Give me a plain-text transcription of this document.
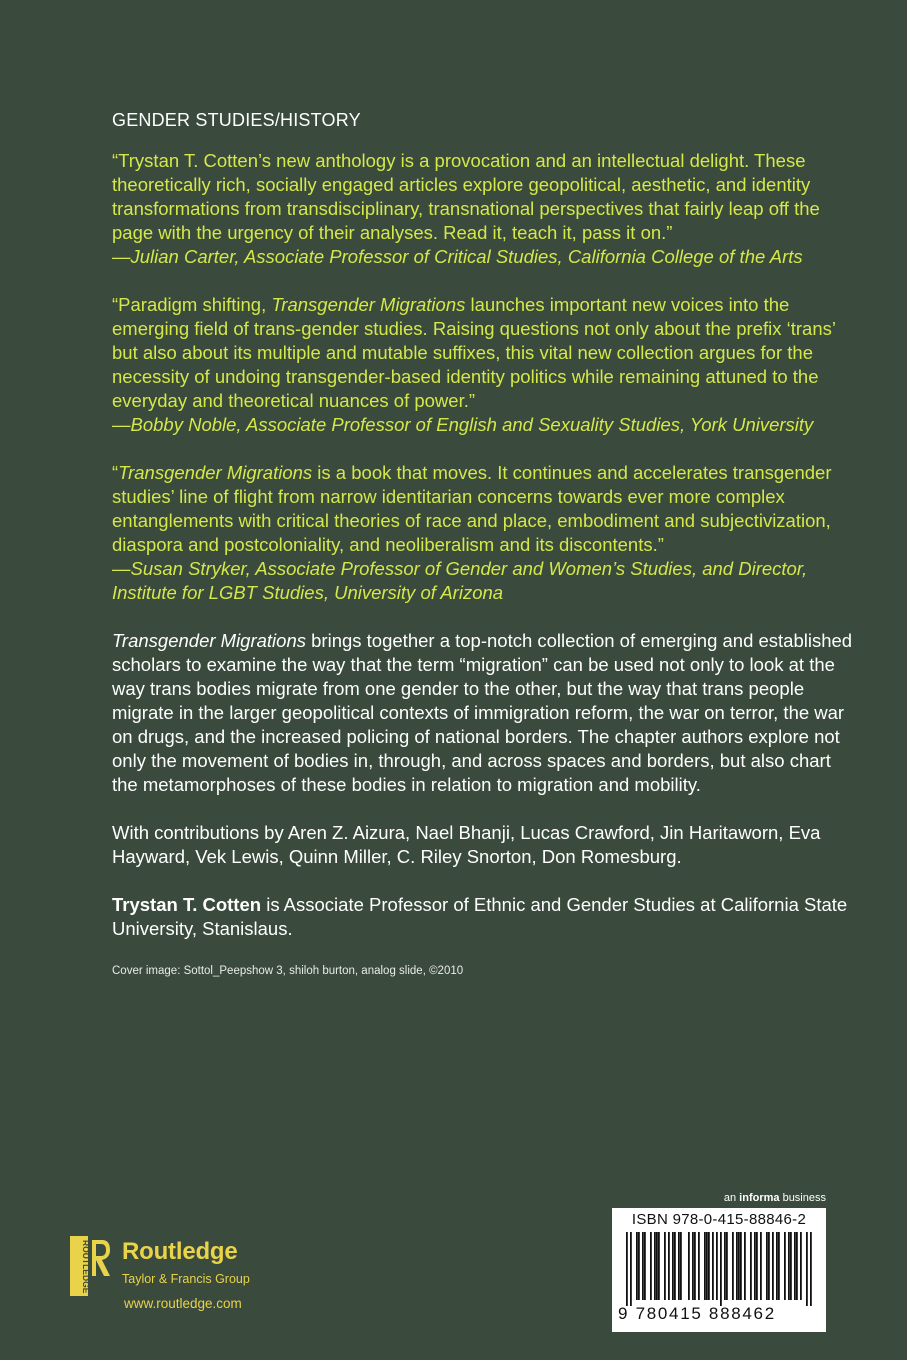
GENDER STUDIES/HISTORY

“Trystan T. Cotten’s new anthology is a provocation and an intellectual delight. These theoretically rich, socially engaged articles explore geopolitical, aesthetic, and identity transformations from transdisciplinary, transnational perspectives that fairly leap off the page with the urgency of their analyses. Read it, teach it, pass it on.”
—Julian Carter, Associate Professor of Critical Studies, California College of the Arts

“Paradigm shifting, Transgender Migrations launches important new voices into the emerging field of trans-gender studies. Raising questions not only about the prefix ‘trans’ but also about its multiple and mutable suffixes, this vital new collection argues for the necessity of undoing transgender-based identity politics while remaining attuned to the everyday and theoretical nuances of power.”
—Bobby Noble, Associate Professor of English and Sexuality Studies, York University

“Transgender Migrations is a book that moves. It continues and accelerates transgender studies’ line of flight from narrow identitarian concerns towards ever more complex entanglements with critical theories of race and place, embodiment and subjectivization, diaspora and postcoloniality, and neoliberalism and its discontents.”
—Susan Stryker, Associate Professor of Gender and Women’s Studies, and Director, Institute for LGBT Studies, University of Arizona

Transgender Migrations brings together a top-notch collection of emerging and established scholars to examine the way that the term “migration” can be used not only to look at the way trans bodies migrate from one gender to the other, but the way that trans people migrate in the larger geopolitical contexts of immigration reform, the war on terror, the war on drugs, and the increased policing of national borders. The chapter authors explore not only the movement of bodies in, through, and across spaces and borders, but also chart the metamorphoses of these bodies in relation to migration and mobility.

With contributions by Aren Z. Aizura, Nael Bhanji, Lucas Crawford, Jin Haritaworn, Eva Hayward, Vek Lewis, Quinn Miller, C. Riley Snorton, Don Romesburg.

Trystan T. Cotten is Associate Professor of Ethnic and Gender Studies at California State University, Stanislaus.

Cover image: Sottol_Peepshow 3, shiloh burton, analog slide, ©2010
ROUTLEDGE Routledge
Taylor & Francis Group
www.routledge.com
an informa business
ISBN 978-0-415-88846-2
9 780415 888462
